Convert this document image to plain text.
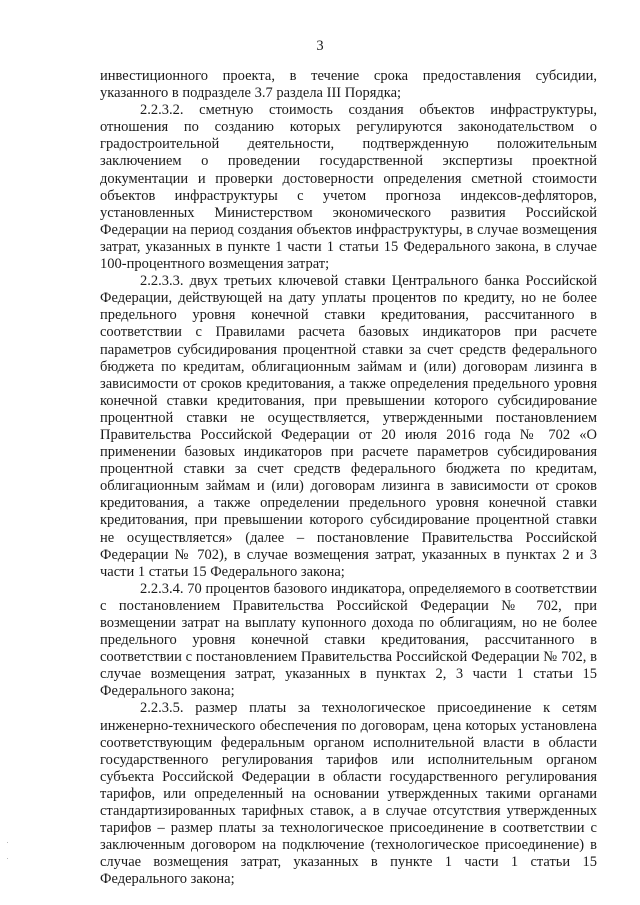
3

инвестиционного проекта, в течение срока предоставления субсидии, указанного в подразделе 3.7 раздела III Порядка;

2.2.3.2. сметную стоимость создания объектов инфраструктуры, отношения по созданию которых регулируются законодательством о градостроительной деятельности, подтвержденную положительным заключением о проведении государственной экспертизы проектной документации и проверки достоверности определения сметной стоимости объектов инфраструктуры с учетом прогноза индексов-дефляторов, установленных Министерством экономического развития Российской Федерации на период создания объектов инфраструктуры, в случае возмещения затрат, указанных в пункте 1 части 1 статьи 15 Федерального закона, в случае 100-процентного возмещения затрат;

2.2.3.3. двух третьих ключевой ставки Центрального банка Российской Федерации, действующей на дату уплаты процентов по кредиту, но не более предельного уровня конечной ставки кредитования, рассчитанного в соответствии с Правилами расчета базовых индикаторов при расчете параметров субсидирования процентной ставки за счет средств федерального бюджета по кредитам, облигационным займам и (или) договорам лизинга в зависимости от сроков кредитования, а также определения предельного уровня конечной ставки кредитования, при превышении которого субсидирование процентной ставки не осуществляется, утвержденными постановлением Правительства Российской Федерации от 20 июля 2016 года № 702 «О применении базовых индикаторов при расчете параметров субсидирования процентной ставки за счет средств федерального бюджета по кредитам, облигационным займам и (или) договорам лизинга в зависимости от сроков кредитования, а также определении предельного уровня конечной ставки кредитования, при превышении которого субсидирование процентной ставки не осуществляется» (далее – постановление Правительства Российской Федерации № 702), в случае возмещения затрат, указанных в пунктах 2 и 3 части 1 статьи 15 Федерального закона;

2.2.3.4. 70 процентов базового индикатора, определяемого в соответствии с постановлением Правительства Российской Федерации № 702, при возмещении затрат на выплату купонного дохода по облигациям, но не более предельного уровня конечной ставки кредитования, рассчитанного в соответствии с постановлением Правительства Российской Федерации № 702, в случае возмещения затрат, указанных в пунктах 2, 3 части 1 статьи 15 Федерального закона;

2.2.3.5. размер платы за технологическое присоединение к сетям инженерно-технического обеспечения по договорам, цена которых установлена соответствующим федеральным органом исполнительной власти в области государственного регулирования тарифов или исполнительным органом субъекта Российской Федерации в области государственного регулирования тарифов, или определенный на основании утвержденных такими органами стандартизированных тарифных ставок, а в случае отсутствия утвержденных тарифов – размер платы за технологическое присоединение в соответствии с заключенным договором на подключение (технологическое присоединение) в случае возмещения затрат, указанных в пункте 1 части 1 статьи 15 Федерального закона;
